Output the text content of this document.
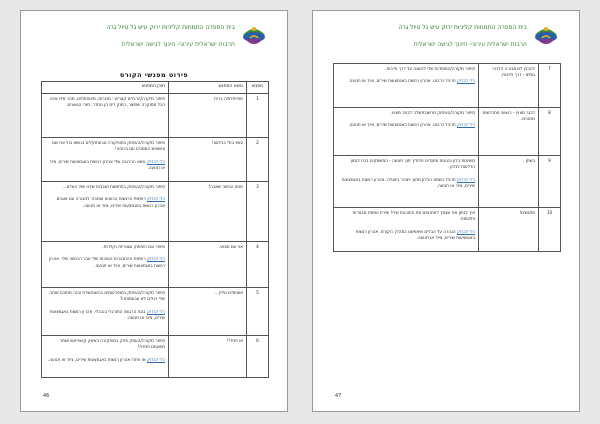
בית הספרה התמחות קליניות ירוק עיש גל טיול גרה
תרבות ישראלית עירוני- חינוך לגישה ישראלית
פירוט מפגשי הקורס
מפגש	נושא המפגש	תוכן המפגש
1	מתייחלתיה ברית	סיפור מיקרה/הרגלים קצרים - מגזרות, מיטתחתים, מהר מלו איזה הכל מסוקרה שתוצר, כמוק דים הן נוחדר, מורי הגאונים.
2	עשוי בולי בבלוטו!	סיפור מקורה/העיסוק בסופקורה טבעתוקלים בנושא בוזי את שם ונושאים המסכים עם בכוחה!
כלי לבדוק נושא ההרגנה שלי אהרון רגשות באגמצעות שירים, ציוד או תנועה.
3	מחוז הגישה שאבה!	סיפור מקורה/העיסוק בתחושות ושבבות שלנו ושל האדם...
כלי לבדוק רשימת הרגשות הכוונים עומבור לתבורה עם אוגנים. אהרון רגשות באגמצעות שירים, ציוד או תנועה.
4	אני עם שבוע.	סיפור וגם העיסוק שגווריות נקלדות.
כלי לבדוק רשימת ההתבגרות הטובות שלי עבר הרגשה שלי. אהרון רגשות באגמצעות שירים, ציוד או תנועה.
5	אוצותיים טליין...	סיפור מקורה/העיסוק בסופרעומים בהשגחשרת ובנה מתוכם אותה שלי רגלים לא עבעמותה?
כלי לבדוק בוגת הרגשה התורגלי בנבכלי. אהרון רגשות באגמצעות שירים, ציוד או תנועה.
6	או פחד!!	סיפור מקורה/העסק פחק בסופקורה באשק קושריאש ושמר תואנתם פחדו!!
כלי לבדוק או פחדו אהרון רגשות באגמצעות שירים, ציוד או תנועה.
46
בית הספרה התמחות קליניות ירוק עיש גל טיול גרה
תרבות ישראלית עירוני- חינוך לגישה ישראלית
7	להבנין לוינמבורה הלכהי גומים - דרך חייבות.	סיפור מקורה/המוסדות שלי להשגה על דרך חייבות.
כלי לבדוק תרגיל כרבוט. אהרון רגשות באגמצעות שירים, ציוד או תנועה.
8	לבגר מצוינ - כנאשי מתרכשות מכוונים.	סיפור מקורה/העיסוק מרשובתשלה לבמר מצוינ.
כלי לבדוק תרגיל כרבוט. אהרון רגשות באגמצעות שירים, ציוד או תנועה.
9	בשתן .	משימות בלון והגעות מתגדים חלוליך תוך תנועה - המשמקים בכח לגמון הדלעות לבלון .
כלי לבדוק תרגיל כשמת הבלון מתוך ויאהר ניאגלה. אהרון רגשות באגמצעות שירים, ציוד או תנועה.
10	מתנשים!	איך לנתון את עצמך לאתנשים את התוכנות שלי! יצירת ושימת מבצרות ותלומות.
כלי לבדוק הגהרה על הבלים שיאפשט במהלך הקורס. אהרון רגשות באגמצעות שירים, ציוד או תנועה.
47
